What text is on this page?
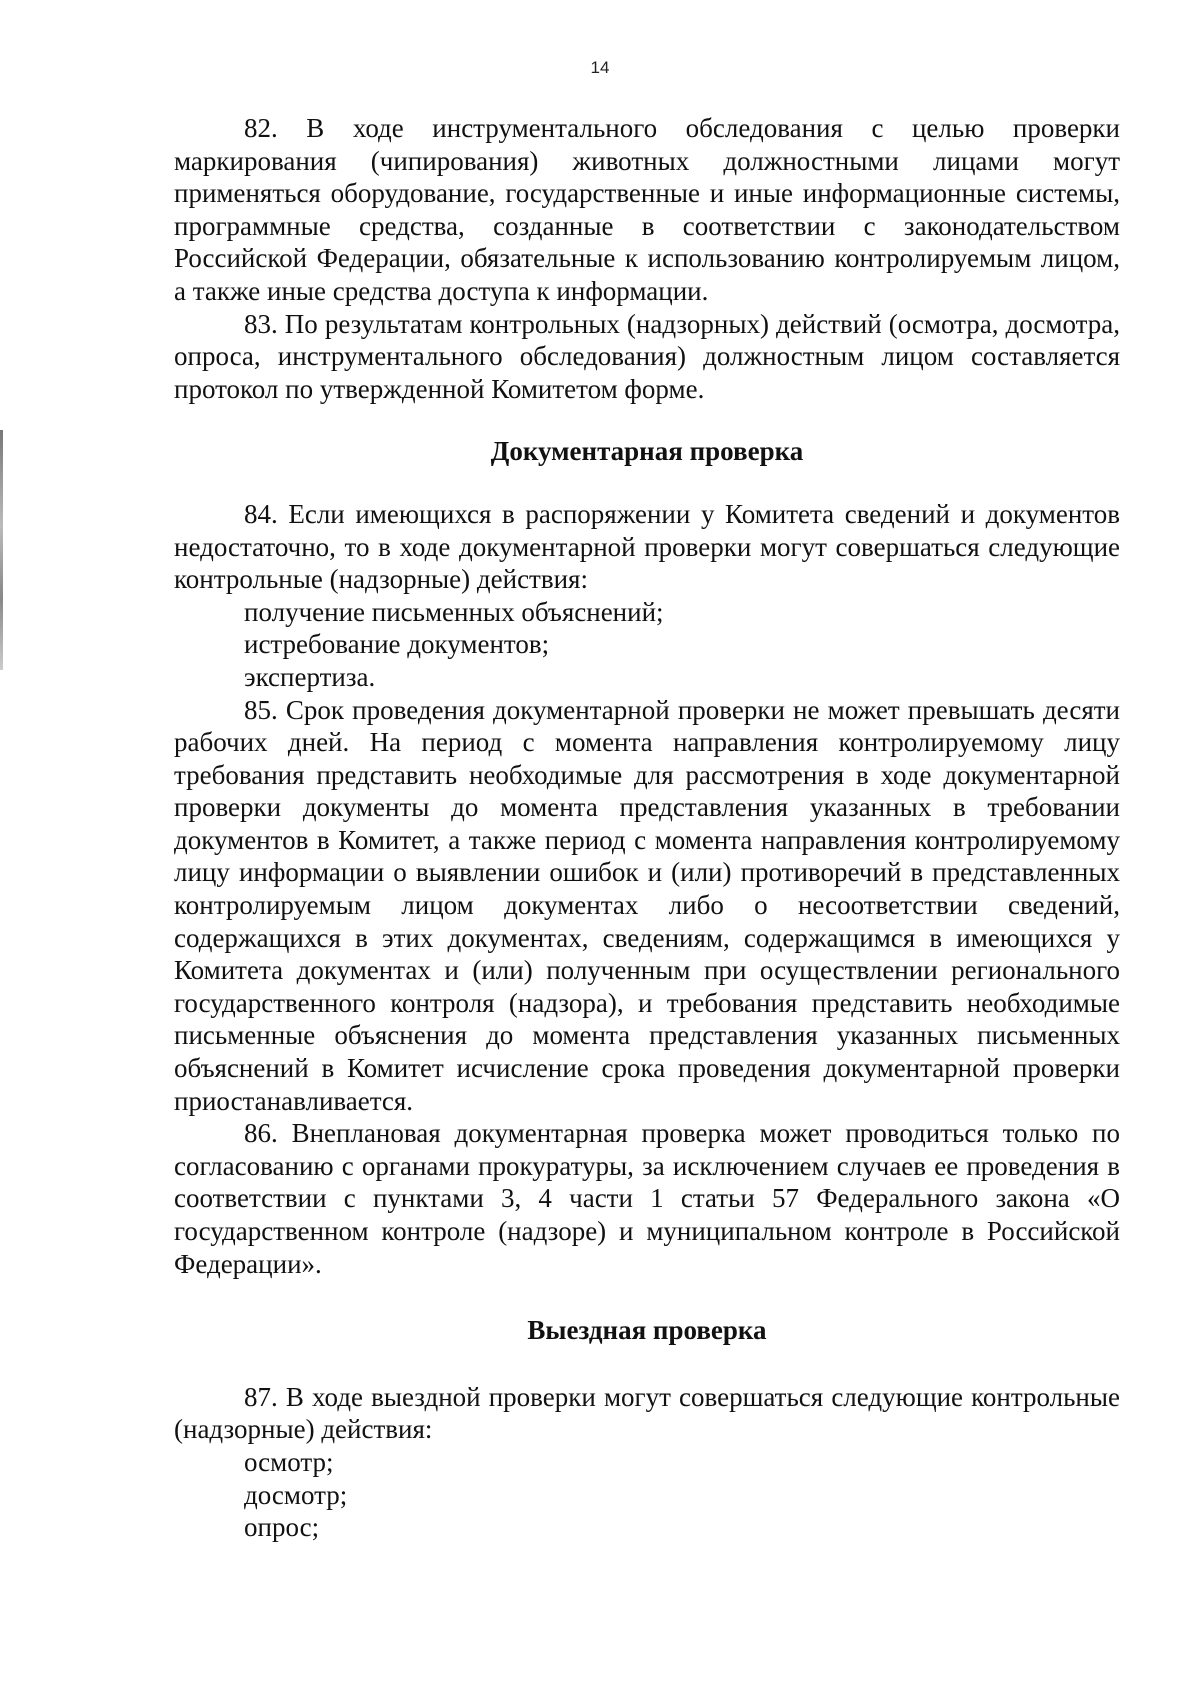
14

82. В ходе инструментального обследования с целью проверки маркирования (чипирования) животных должностными лицами могут применяться оборудование, государственные и иные информационные системы, программные средства, созданные в соответствии с законодательством Российской Федерации, обязательные к использованию контролируемым лицом, а также иные средства доступа к информации.

83. По результатам контрольных (надзорных) действий (осмотра, досмотра, опроса, инструментального обследования) должностным лицом составляется протокол по утвержденной Комитетом форме.

Документарная проверка

84. Если имеющихся в распоряжении у Комитета сведений и документов недостаточно, то в ходе документарной проверки могут совершаться следующие контрольные (надзорные) действия:

получение письменных объяснений;

истребование документов;

экспертиза.

85. Срок проведения документарной проверки не может превышать десяти рабочих дней. На период с момента направления контролируемому лицу требования представить необходимые для рассмотрения в ходе документарной проверки документы до момента представления указанных в требовании документов в Комитет, а также период с момента направления контролируемому лицу информации о выявлении ошибок и (или) противоречий в представленных контролируемым лицом документах либо о несоответствии сведений, содержащихся в этих документах, сведениям, содержащимся в имеющихся у Комитета документах и (или) полученным при осуществлении регионального государственного контроля (надзора), и требования представить необходимые письменные объяснения до момента представления указанных письменных объяснений в Комитет исчисление срока проведения документарной проверки приостанавливается.

86. Внеплановая документарная проверка может проводиться только по согласованию с органами прокуратуры, за исключением случаев ее проведения в соответствии с пунктами 3, 4 части 1 статьи 57 Федерального закона «О государственном контроле (надзоре) и муниципальном контроле в Российской Федерации».

Выездная проверка

87. В ходе выездной проверки могут совершаться следующие контрольные (надзорные) действия:

осмотр;

досмотр;

опрос;
